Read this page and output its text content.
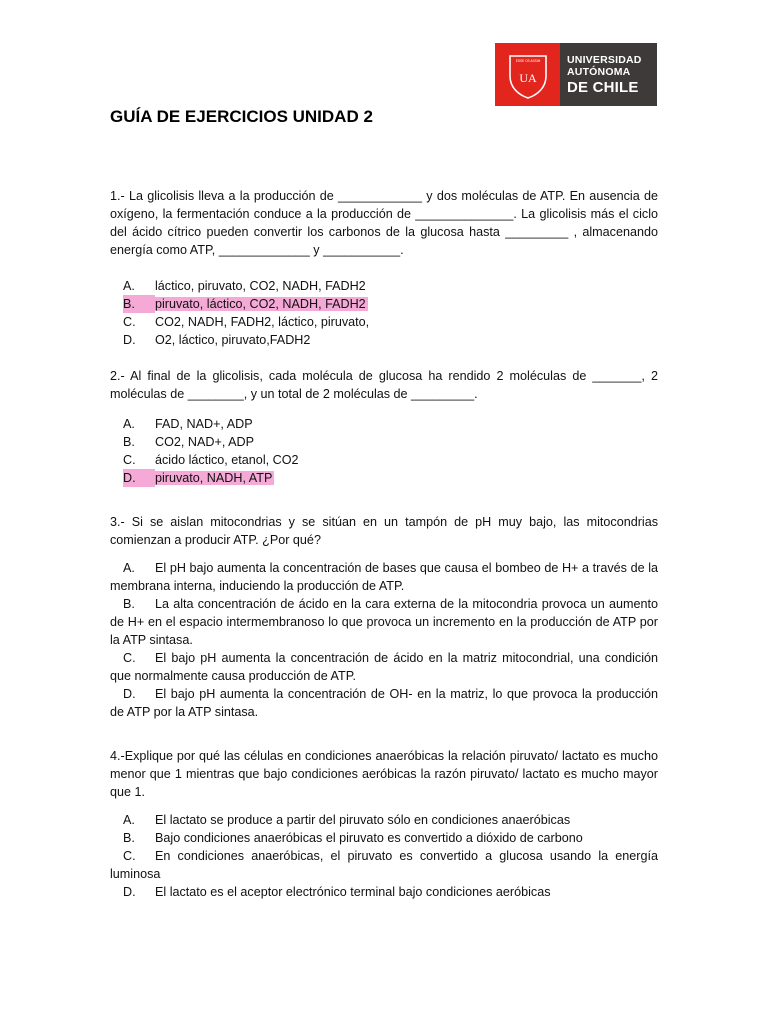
ESSE OS ASSIM
UA
UNIVERSIDAD
AUTÓNOMA
DE CHILE
GUÍA DE EJERCICIOS UNIDAD 2

1.- La glicolisis lleva a la producción de ____________ y dos moléculas de ATP. En ausencia de oxígeno, la fermentación conduce a la producción de ______________. La glicolisis más el ciclo del ácido cítrico pueden convertir los carbonos de la glucosa hasta _________ , almacenando energía como ATP, _____________ y ___________.

A. láctico, piruvato, CO2, NADH, FADH2
B.	piruvato, láctico, CO2, NADH, FADH2
C. CO2, NADH, FADH2, láctico, piruvato,
D. O2, láctico, piruvato,FADH2

2.- Al final de la glicolisis, cada molécula de glucosa ha rendido 2 moléculas de _______, 2 moléculas de ________, y un total de 2 moléculas de _________.

A. FAD, NAD+, ADP
B. CO2, NAD+, ADP
C. ácido láctico, etanol, CO2
D.	piruvato, NADH, ATP

3.- Si se aislan mitocondrias y se sitúan en un tampón de pH muy bajo, las mitocondrias comienzan a producir ATP. ¿Por qué?

A. El pH bajo aumenta la concentración de bases que causa el bombeo de H+ a través de la membrana interna, induciendo la producción de ATP.

B. La alta concentración de ácido en la cara externa de la mitocondria provoca un aumento de H+ en el espacio intermembranoso lo que provoca un incremento en la producción de ATP por la ATP sintasa.

C. El bajo pH aumenta la concentración de ácido en la matriz mitocondrial, una condición que normalmente causa producción de ATP.

D. El bajo pH aumenta la concentración de OH- en la matriz, lo que provoca la producción de ATP por la ATP sintasa.

4.-Explique por qué las células en condiciones anaeróbicas la relación piruvato/ lactato es mucho menor que 1 mientras que bajo condiciones aeróbicas la razón piruvato/ lactato es mucho mayor que 1.

A. El lactato se produce a partir del piruvato sólo en condiciones anaeróbicas

B. Bajo condiciones anaeróbicas el piruvato es convertido a dióxido de carbono

C. En condiciones anaeróbicas, el piruvato es convertido a glucosa usando la energía luminosa

D. El lactato es el aceptor electrónico terminal bajo condiciones aeróbicas
